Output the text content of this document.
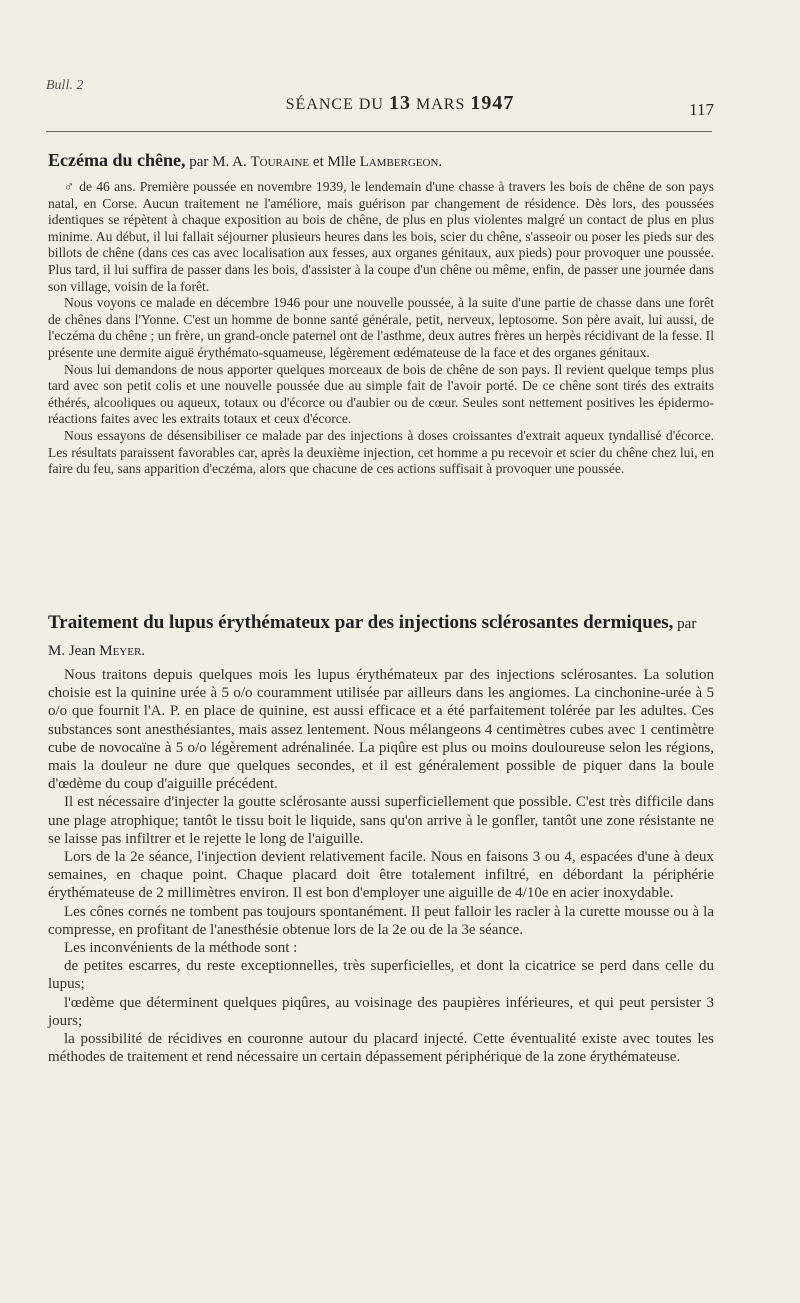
Bull. 2
SÉANCE DU 13 MARS 1947	117

Eczéma du chêne, par M. A. Touraine et Mlle Lambergeon.

♂ de 46 ans. Première poussée en novembre 1939, le lendemain d'une chasse à travers les bois de chêne de son pays natal, en Corse. Aucun traitement ne l'améliore, mais guérison par changement de résidence. Dès lors, des poussées identiques se répètent à chaque exposition au bois de chêne, de plus en plus violentes malgré un contact de plus en plus minime. Au début, il lui fallait séjourner plusieurs heures dans les bois, scier du chêne, s'asseoir ou poser les pieds sur des billots de chêne (dans ces cas avec localisation aux fesses, aux organes génitaux, aux pieds) pour provoquer une poussée. Plus tard, il lui suffira de passer dans les bois, d'assister à la coupe d'un chêne ou même, enfin, de passer une journée dans son village, voisin de la forêt.

Nous voyons ce malade en décembre 1946 pour une nouvelle poussée, à la suite d'une partie de chasse dans une forêt de chênes dans l'Yonne. C'est un homme de bonne santé générale, petit, nerveux, leptosome. Son père avait, lui aussi, de l'eczéma du chêne ; un frère, un grand-oncle paternel ont de l'asthme, deux autres frères un herpès récidivant de la fesse. Il présente une dermite aiguë érythémato-squameuse, légèrement œdémateuse de la face et des organes génitaux.

Nous lui demandons de nous apporter quelques morceaux de bois de chêne de son pays. Il revient quelque temps plus tard avec son petit colis et une nouvelle poussée due au simple fait de l'avoir porté. De ce chêne sont tirés des extraits éthérés, alcooliques ou aqueux, totaux ou d'écorce ou d'aubier ou de cœur. Seules sont nettement positives les épidermo-réactions faites avec les extraits totaux et ceux d'écorce.

Nous essayons de désensibiliser ce malade par des injections à doses croissantes d'extrait aqueux tyndallisé d'écorce. Les résultats paraissent favorables car, après la deuxième injection, cet homme a pu recevoir et scier du chêne chez lui, en faire du feu, sans apparition d'eczéma, alors que chacune de ces actions suffisait à provoquer une poussée.

Traitement du lupus érythémateux par des injections sclérosantes dermiques, par M. Jean Meyer.

Nous traitons depuis quelques mois les lupus érythémateux par des injections sclérosantes. La solution choisie est la quinine urée à 5 o/o couramment utilisée par ailleurs dans les angiomes. La cinchonine-urée à 5 o/o que fournit l'A. P. en place de quinine, est aussi efficace et a été parfaitement tolérée par les adultes. Ces substances sont anesthésiantes, mais assez lentement. Nous mélangeons 4 centimètres cubes avec 1 centimètre cube de novocaïne à 5 o/o légèrement adrénalinée. La piqûre est plus ou moins douloureuse selon les régions, mais la douleur ne dure que quelques secondes, et il est généralement possible de piquer dans la boule d'œdème du coup d'aiguille précédent.

Il est nécessaire d'injecter la goutte sclérosante aussi superficiellement que possible. C'est très difficile dans une plage atrophique; tantôt le tissu boit le liquide, sans qu'on arrive à le gonfler, tantôt une zone résistante ne se laisse pas infiltrer et le rejette le long de l'aiguille.

Lors de la 2e séance, l'injection devient relativement facile. Nous en faisons 3 ou 4, espacées d'une à deux semaines, en chaque point. Chaque placard doit être totalement infiltré, en débordant la périphérie érythémateuse de 2 millimètres environ. Il est bon d'employer une aiguille de 4/10e en acier inoxydable.

Les cônes cornés ne tombent pas toujours spontanément. Il peut falloir les racler à la curette mousse ou à la compresse, en profitant de l'anesthésie obtenue lors de la 2e ou de la 3e séance.

Les inconvénients de la méthode sont :

de petites escarres, du reste exceptionnelles, très superficielles, et dont la cicatrice se perd dans celle du lupus;

l'œdème que déterminent quelques piqûres, au voisinage des paupières inférieures, et qui peut persister 3 jours;

la possibilité de récidives en couronne autour du placard injecté. Cette éventualité existe avec toutes les méthodes de traitement et rend nécessaire un certain dépassement périphérique de la zone érythémateuse.
